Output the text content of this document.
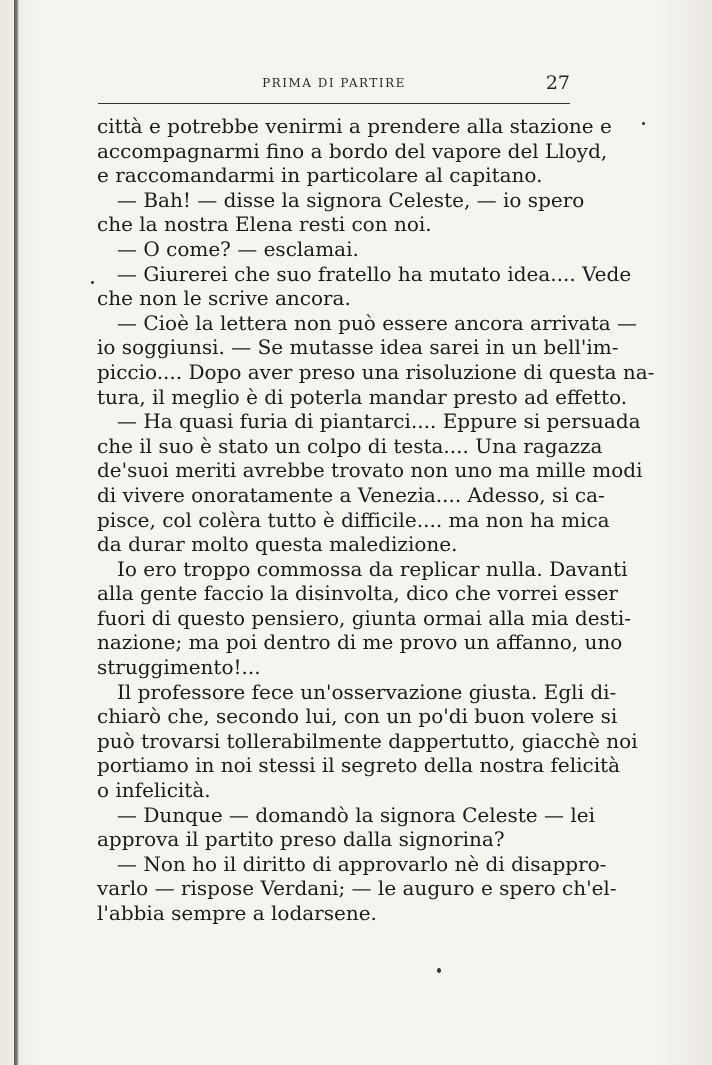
PRIMA DI PARTIRE	27
città e potrebbe venirmi a prendere alla stazione e
accompagnarmi fino a bordo del vapore del Lloyd,
e raccomandarmi in particolare al capitano.
— Bah! — disse la signora Celeste, — io spero
che la nostra Elena resti con noi.
— O come? — esclamai.
— Giurerei che suo fratello ha mutato idea.... Vede
che non le scrive ancora.
— Cioè la lettera non può essere ancora arrivata —
io soggiunsi. — Se mutasse idea sarei in un bell'im-
piccio.... Dopo aver preso una risoluzione di questa na-
tura, il meglio è di poterla mandar presto ad effetto.
— Ha quasi furia di piantarci.... Eppure si persuada
che il suo è stato un colpo di testa.... Una ragazza
de'suoi meriti avrebbe trovato non uno ma mille modi
di vivere onoratamente a Venezia.... Adesso, si ca-
pisce, col colèra tutto è difficile.... ma non ha mica
da durar molto questa maledizione.
Io ero troppo commossa da replicar nulla. Davanti
alla gente faccio la disinvolta, dico che vorrei esser
fuori di questo pensiero, giunta ormai alla mia desti-
nazione; ma poi dentro di me provo un affanno, uno
struggimento!...
Il professore fece un'osservazione giusta. Egli di-
chiarò che, secondo lui, con un po'di buon volere si
può trovarsi tollerabilmente dappertutto, giacchè noi
portiamo in noi stessi il segreto della nostra felicità
o infelicità.
— Dunque — domandò la signora Celeste — lei
approva il partito preso dalla signorina?
— Non ho il diritto di approvarlo nè di disappro-
varlo — rispose Verdani; — le auguro e spero ch'el-
l'abbia sempre a lodarsene.
